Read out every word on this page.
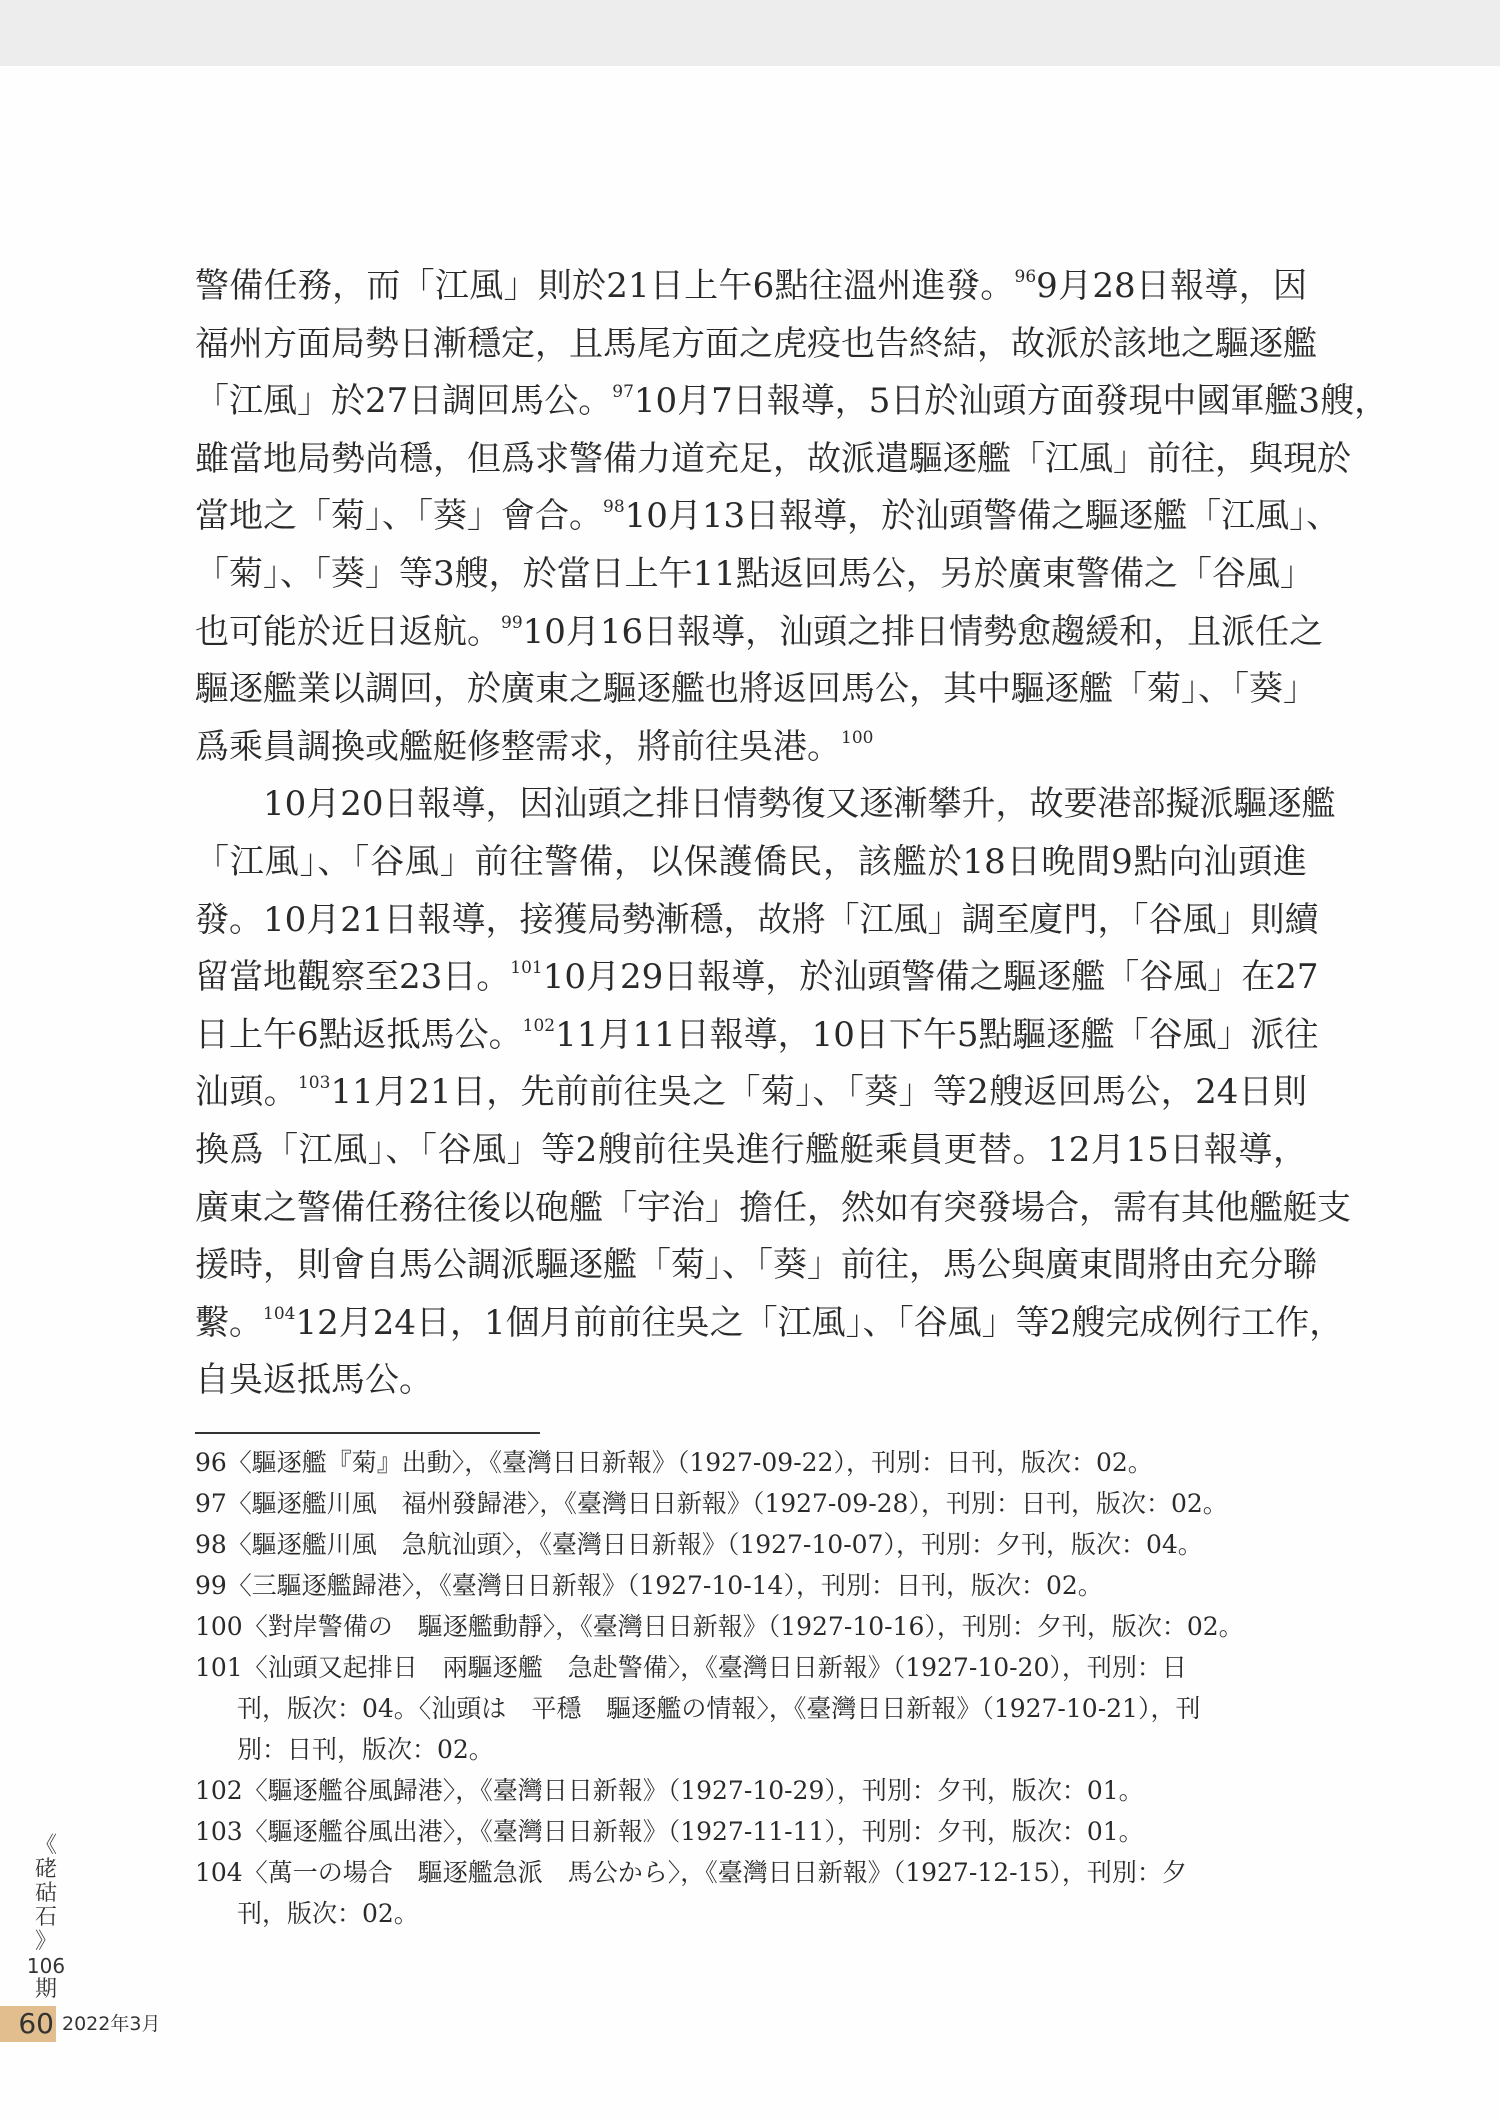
警備任務，而「江風」則於21日上午6點往溫州進發。$^{96}$9月28日報導，因
福州方面局勢日漸穩定，且馬尾方面之虎疫也告終結，故派於該地之驅逐艦
「江風」於27日調回馬公。$^{97}$10月7日報導，5日於汕頭方面發現中國軍艦3艘，
雖當地局勢尚穩，但爲求警備力道充足，故派遣驅逐艦「江風」前往，與現於
當地之「菊」、「葵」會合。$^{98}$10月13日報導，於汕頭警備之驅逐艦「江風」、
「菊」、「葵」等3艘，於當日上午11點返回馬公，另於廣東警備之「谷風」
也可能於近日返航。$^{99}$10月16日報導，汕頭之排日情勢愈趨緩和，且派任之
驅逐艦業以調回，於廣東之驅逐艦也將返回馬公，其中驅逐艦「菊」、「葵」
爲乘員調換或艦艇修整需求，將前往吳港。$^{100}$
10月20日報導，因汕頭之排日情勢復又逐漸攀升，故要港部擬派驅逐艦
「江風」、「谷風」前往警備，以保護僑民，該艦於18日晚間9點向汕頭進
發。10月21日報導，接獲局勢漸穩，故將「江風」調至廈門，「谷風」則續
留當地觀察至23日。$^{101}$10月29日報導，於汕頭警備之驅逐艦「谷風」在27
日上午6點返抵馬公。$^{102}$11月11日報導，10日下午5點驅逐艦「谷風」派往
汕頭。$^{103}$11月21日，先前前往吳之「菊」、「葵」等2艘返回馬公，24日則
換爲「江風」、「谷風」等2艘前往吳進行艦艇乘員更替。12月15日報導，
廣東之警備任務往後以砲艦「宇治」擔任，然如有突發場合，需有其他艦艇支
援時，則會自馬公調派驅逐艦「菊」、「葵」前往，馬公與廣東間將由充分聯
繫。$^{104}$12月24日，1個月前前往吳之「江風」、「谷風」等2艘完成例行工作，
自吳返抵馬公。
96〈驅逐艦『菊』出動〉，《臺灣日日新報》（1927-09-22），刊別：日刊，版次：02。
97〈驅逐艦川風　福州發歸港〉，《臺灣日日新報》（1927-09-28），刊別：日刊，版次：02。
98〈驅逐艦川風　急航汕頭〉，《臺灣日日新報》（1927-10-07），刊別：夕刊，版次：04。
99〈三驅逐艦歸港〉，《臺灣日日新報》（1927-10-14），刊別：日刊，版次：02。
100〈對岸警備の　驅逐艦動靜〉，《臺灣日日新報》（1927-10-16），刊別：夕刊，版次：02。
101〈汕頭又起排日　兩驅逐艦　急赴警備〉，《臺灣日日新報》（1927-10-20），刊別：日
刊，版次：04。〈汕頭は　平穩　驅逐艦の情報〉，《臺灣日日新報》（1927-10-21），刊
別：日刊，版次：02。
102〈驅逐艦谷風歸港〉，《臺灣日日新報》（1927-10-29），刊別：夕刊，版次：01。
103〈驅逐艦谷風出港〉，《臺灣日日新報》（1927-11-11），刊別：夕刊，版次：01。
104〈萬一の場合　驅逐艦急派　馬公から〉，《臺灣日日新報》（1927-12-15），刊別：夕
刊，版次：02。
《
硓
𥑮
石
》
106
期
60 2022年3月
